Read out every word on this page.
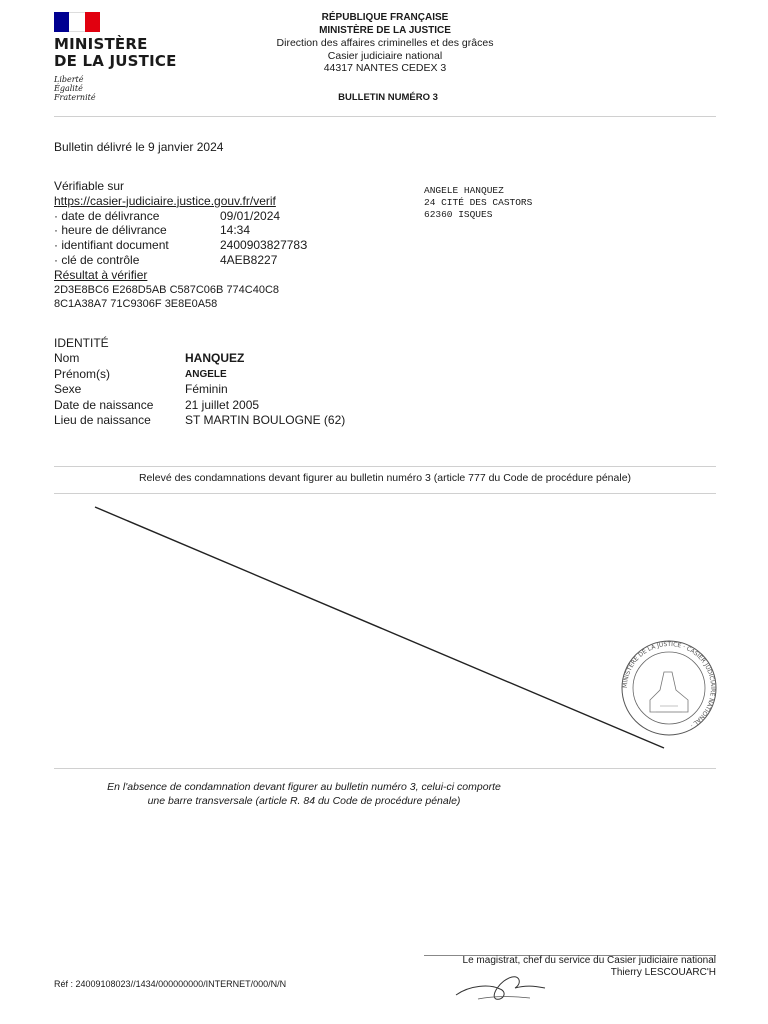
MINISTÈRE
DE LA JUSTICE
Liberté
Égalité
Fraternité
RÉPUBLIQUE FRANÇAISE
MINISTÈRE DE LA JUSTICE
Direction des affaires criminelles et des grâces
Casier judiciaire national
44317 NANTES CEDEX 3
BULLETIN NUMÉRO 3
Bulletin délivré le 9 janvier 2024
Vérifiable sur
https://casier-judiciaire.justice.gouv.fr/verif
· date de délivrance	09/01/2024
· heure de délivrance	14:34
· identifiant document	240090382778З
· clé de contrôle	4AEB8227
Résultat à vérifier
2D3E8BC6 E268D5AB C587C06B 774C40C8
8C1A38A7 71C9306F 3E8E0A58
ANGELE HANQUEZ
24 CITÉ DES CASTORS
62360 ISQUES
IDENTITÉ
Nom	HANQUEZ
Prénom(s)	ANGELE
Sexe	Féminin
Date de naissance	21 juillet 2005
Lieu de naissance	ST MARTIN BOULOGNE (62)
Relevé des condamnations devant figurer au bulletin numéro 3 (article 777 du Code de procédure pénale)
MINISTÈRE DE LA JUSTICE · CASIER JUDICIAIRE NATIONAL ·
En l'absence de condamnation devant figurer au bulletin numéro 3, celui-ci comporte
une barre transversale (article R. 84 du Code de procédure pénale)
Le magistrat, chef du service du Casier judiciaire national
Thierry LESCOUARC'H
Réf : 24009108023//1434/000000000/INTERNET/000/N/N
